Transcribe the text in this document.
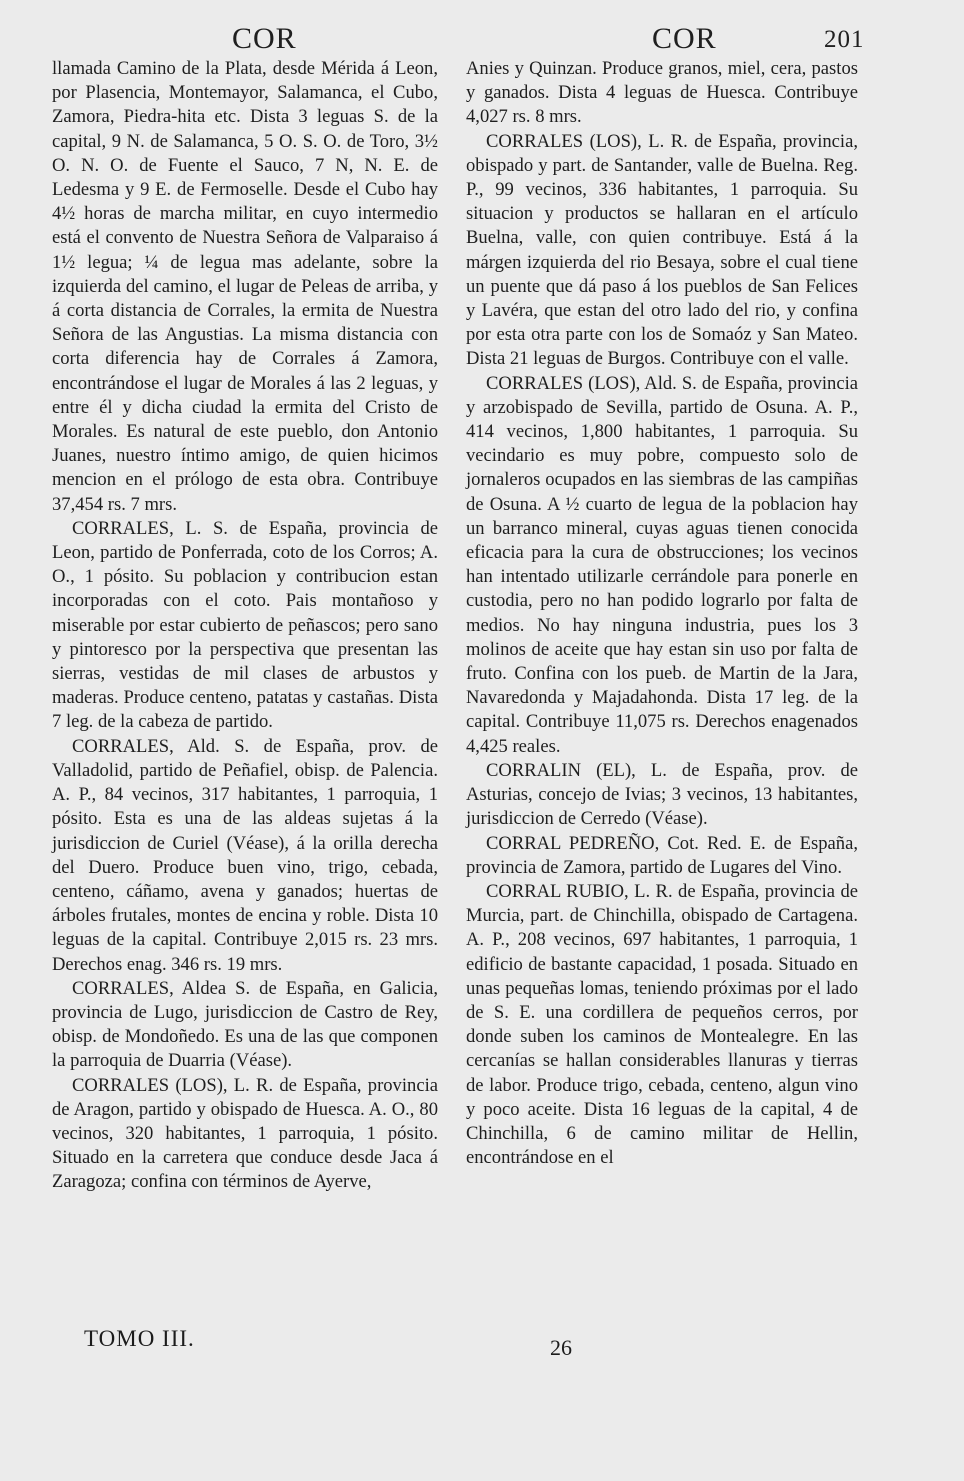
COR	COR	201

llamada Camino de la Plata, desde Mérida á Leon, por Plasencia, Montemayor, Salamanca, el Cubo, Zamora, Piedra-hita etc. Dista 3 leguas S. de la capital, 9 N. de Salamanca, 5 O. S. O. de Toro, 3½ O. N. O. de Fuente el Sauco, 7 N, N. E. de Ledesma y 9 E. de Fermoselle. Desde el Cubo hay 4½ horas de marcha militar, en cuyo intermedio está el convento de Nuestra Señora de Valparaiso á 1½ legua; ¼ de legua mas adelante, sobre la izquierda del camino, el lugar de Peleas de arriba, y á corta distancia de Corrales, la ermita de Nuestra Señora de las Angustias. La misma distancia con corta diferencia hay de Corrales á Zamora, encontrándose el lugar de Morales á las 2 leguas, y entre él y dicha ciudad la ermita del Cristo de Morales. Es natural de este pueblo, don Antonio Juanes, nuestro íntimo amigo, de quien hicimos mencion en el prólogo de esta obra. Contribuye 37,454 rs. 7 mrs.

CORRALES, L. S. de España, provincia de Leon, partido de Ponferrada, coto de los Corros; A. O., 1 pósito. Su poblacion y contribucion estan incorporadas con el coto. Pais montañoso y miserable por estar cubierto de peñascos; pero sano y pintoresco por la perspectiva que presentan las sierras, vestidas de mil clases de arbustos y maderas. Produce centeno, patatas y castañas. Dista 7 leg. de la cabeza de partido.

CORRALES, Ald. S. de España, prov. de Valladolid, partido de Peñafiel, obisp. de Palencia. A. P., 84 vecinos, 317 habitantes, 1 parroquia, 1 pósito. Esta es una de las aldeas sujetas á la jurisdiccion de Curiel (Véase), á la orilla derecha del Duero. Produce buen vino, trigo, cebada, centeno, cáñamo, avena y ganados; huertas de árboles frutales, montes de encina y roble. Dista 10 leguas de la capital. Contribuye 2,015 rs. 23 mrs. Derechos enag. 346 rs. 19 mrs.

CORRALES, Aldea S. de España, en Galicia, provincia de Lugo, jurisdiccion de Castro de Rey, obisp. de Mondoñedo. Es una de las que componen la parroquia de Duarria (Véase).

CORRALES (LOS), L. R. de España, provincia de Aragon, partido y obispado de Huesca. A. O., 80 vecinos, 320 habitantes, 1 parroquia, 1 pósito. Situado en la carretera que conduce desde Jaca á Zaragoza; confina con términos de Ayerve,

Anies y Quinzan. Produce granos, miel, cera, pastos y ganados. Dista 4 leguas de Huesca. Contribuye 4,027 rs. 8 mrs.

CORRALES (LOS), L. R. de España, provincia, obispado y part. de Santander, valle de Buelna. Reg. P., 99 vecinos, 336 habitantes, 1 parroquia. Su situacion y productos se hallaran en el artículo Buelna, valle, con quien contribuye. Está á la márgen izquierda del rio Besaya, sobre el cual tiene un puente que dá paso á los pueblos de San Felices y Lavéra, que estan del otro lado del rio, y confina por esta otra parte con los de Somaóz y San Mateo. Dista 21 leguas de Burgos. Contribuye con el valle.

CORRALES (LOS), Ald. S. de España, provincia y arzobispado de Sevilla, partido de Osuna. A. P., 414 vecinos, 1,800 habitantes, 1 parroquia. Su vecindario es muy pobre, compuesto solo de jornaleros ocupados en las siembras de las campiñas de Osuna. A ½ cuarto de legua de la poblacion hay un barranco mineral, cuyas aguas tienen conocida eficacia para la cura de obstrucciones; los vecinos han intentado utilizarle cerrándole para ponerle en custodia, pero no han podido lograrlo por falta de medios. No hay ninguna industria, pues los 3 molinos de aceite que hay estan sin uso por falta de fruto. Confina con los pueb. de Martin de la Jara, Navaredonda y Majadahonda. Dista 17 leg. de la capital. Contribuye 11,075 rs. Derechos enagenados 4,425 reales.

CORRALIN (EL), L. de España, prov. de Asturias, concejo de Ivias; 3 vecinos, 13 habitantes, jurisdiccion de Cerredo (Véase).

CORRAL PEDREÑO, Cot. Red. E. de España, provincia de Zamora, partido de Lugares del Vino.

CORRAL RUBIO, L. R. de España, provincia de Murcia, part. de Chinchilla, obispado de Cartagena. A. P., 208 vecinos, 697 habitantes, 1 parroquia, 1 edificio de bastante capacidad, 1 posada. Situado en unas pequeñas lomas, teniendo próximas por el lado de S. E. una cordillera de pequeños cerros, por donde suben los caminos de Montealegre. En las cercanías se hallan considerables llanuras y tierras de labor. Produce trigo, cebada, centeno, algun vino y poco aceite. Dista 16 leguas de la capital, 4 de Chinchilla, 6 de camino militar de Hellin, encontrándose en el

TOMO III.	26
